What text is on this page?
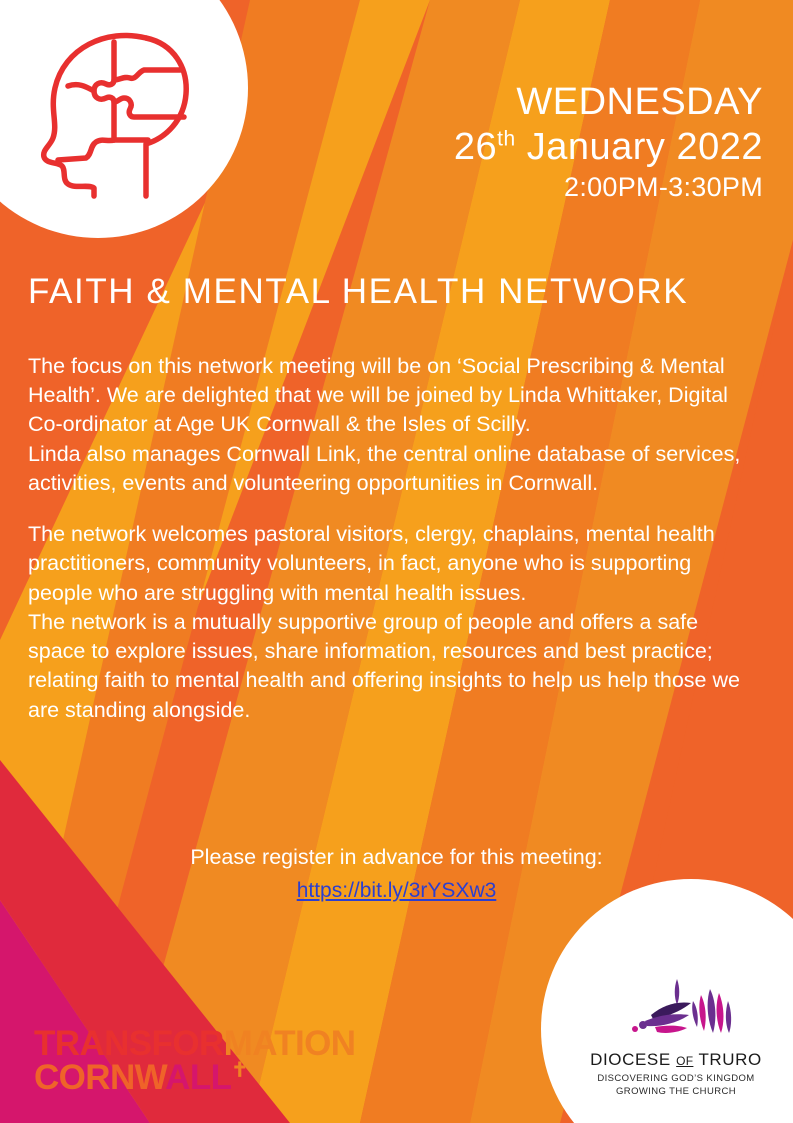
WEDNESDAY
26th January 2022
2:00PM-3:30PM
FAITH & MENTAL HEALTH NETWORK

The focus on this network meeting will be on ‘Social Prescribing & Mental Health’. We are delighted that we will be joined by Linda Whittaker, Digital Co-ordinator at Age UK Cornwall & the Isles of Scilly.

Linda also manages Cornwall Link, the central online database of services, activities, events and volunteering opportunities in Cornwall.

The network welcomes pastoral visitors, clergy, chaplains, mental health practitioners, community volunteers, in fact, anyone who is supporting people who are struggling with mental health issues.

The network is a mutually supportive group of people and offers a safe space to explore issues, share information, resources and best practice; relating faith to mental health and offering insights to help us help those we are standing alongside.

Please register in advance for this meeting:
https://bit.ly/3rYSXw3
DIOCESE OF TRURO
DISCOVERING GOD’S KINGDOM
GROWING THE CHURCH
TRANSFORMATION
CORNWALL✝
